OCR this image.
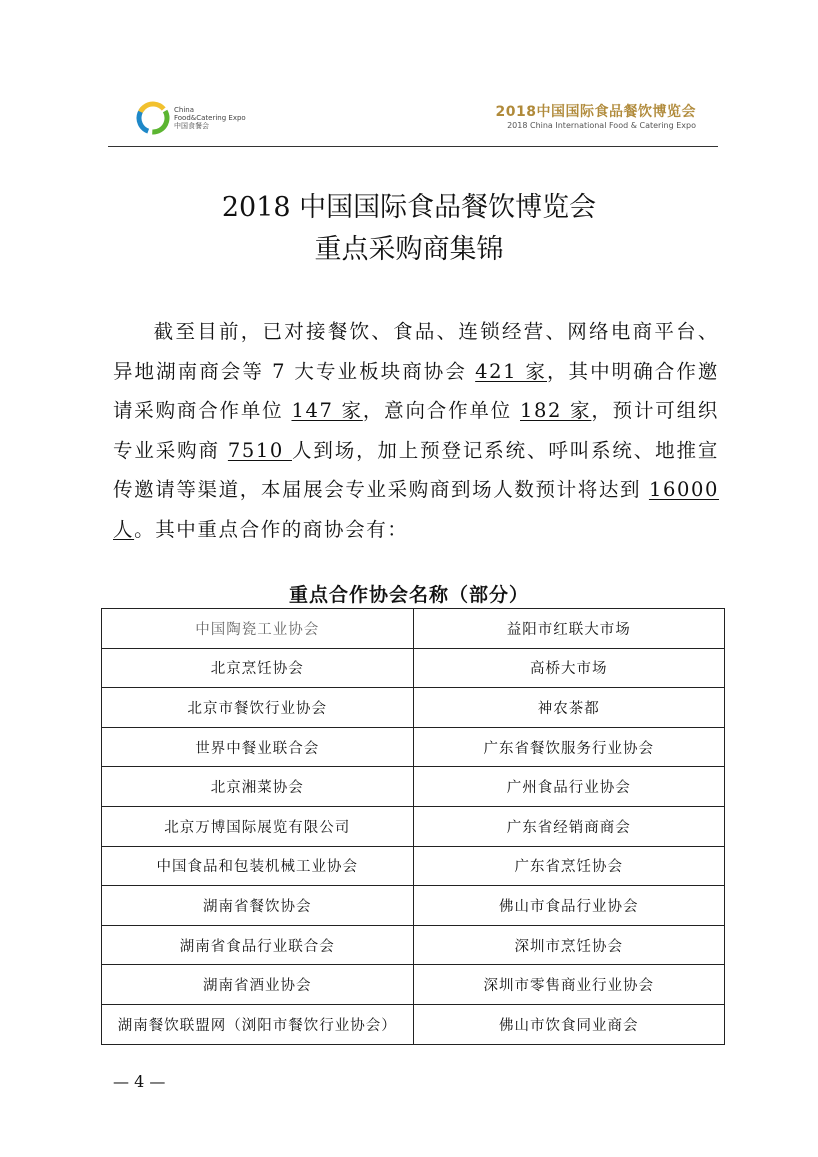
China
Food&Catering Expo
中国食餐会
2018中国国际食品餐饮博览会
2018 China International Food & Catering Expo
2018 中国国际食品餐饮博览会
重点采购商集锦
截至目前，已对接餐饮、食品、连锁经营、网络电商平台、异地湖南商会等 7 大专业板块商协会 421 家，其中明确合作邀请采购商合作单位 147 家，意向合作单位 182 家，预计可组织专业采购商 7510 人到场，加上预登记系统、呼叫系统、地推宣传邀请等渠道，本届展会专业采购商到场人数预计将达到 16000 人。其中重点合作的商协会有：
重点合作协会名称（部分）
中国陶瓷工业协会	益阳市红联大市场
北京烹饪协会	高桥大市场
北京市餐饮行业协会	神农茶都
世界中餐业联合会	广东省餐饮服务行业协会
北京湘菜协会	广州食品行业协会
北京万博国际展览有限公司	广东省经销商商会
中国食品和包装机械工业协会	广东省烹饪协会
湖南省餐饮协会	佛山市食品行业协会
湖南省食品行业联合会	深圳市烹饪协会
湖南省酒业协会	深圳市零售商业行业协会
湖南餐饮联盟网（浏阳市餐饮行业协会）	佛山市饮食同业商会
— 4 —
